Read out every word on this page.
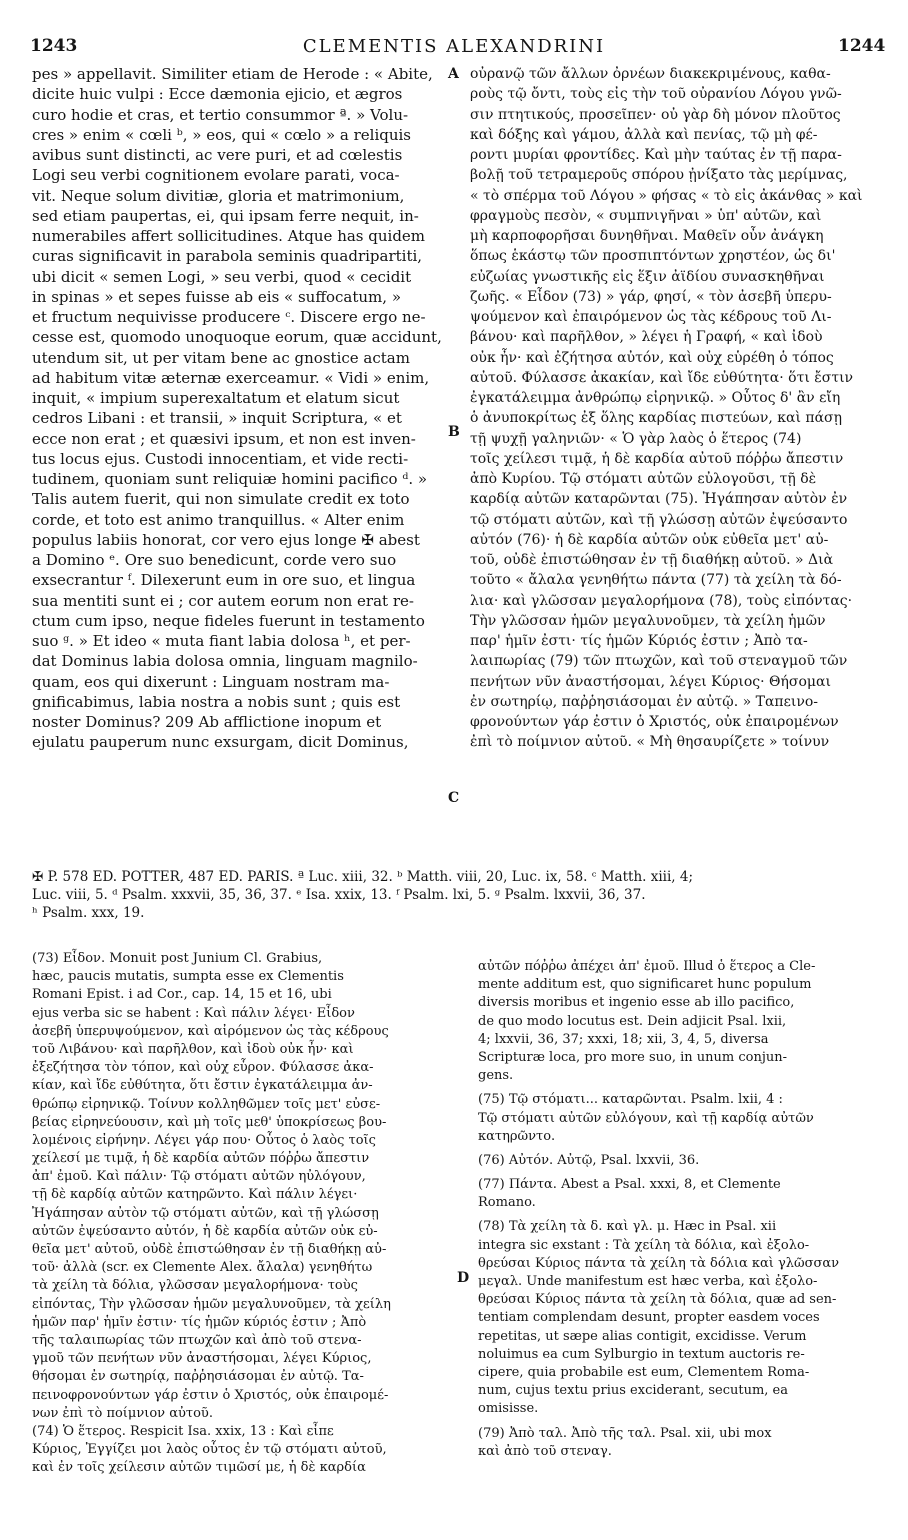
1243	CLEMENTIS ALEXANDRINI	1244
pes » appellavit. Similiter etiam de Herode : « Abite,
dicite huic vulpi : Ecce dæmonia ejicio, et ægros
curo hodie et cras, et tertio consummor ª. » Volu-
cres » enim « cœli ᵇ, » eos, qui « cœlo » a reliquis
avibus sunt distincti, ac vere puri, et ad cœlestis
Logi seu verbi cognitionem evolare parati, voca-
vit. Neque solum divitiæ, gloria et matrimonium,
sed etiam paupertas, ei, qui ipsam ferre nequit, in-
numerabiles affert sollicitudines. Atque has quidem
curas significavit in parabola seminis quadripartiti,
ubi dicit « semen Logi, » seu verbi, quod « cecidit
in spinas » et sepes fuisse ab eis « suffocatum, »
et fructum nequivisse producere ᶜ. Discere ergo ne-
cesse est, quomodo unoquoque eorum, quæ accidunt,
utendum sit, ut per vitam bene ac gnostice actam
ad habitum vitæ æternæ exerceamur. « Vidi » enim,
inquit, « impium superexaltatum et elatum sicut
cedros Libani : et transii, » inquit Scriptura, « et
ecce non erat ; et quæsivi ipsum, et non est inven-
tus locus ejus. Custodi innocentiam, et vide recti-
tudinem, quoniam sunt reliquiæ homini pacifico ᵈ. »
Talis autem fuerit, qui non simulate credit ex toto
corde, et toto est animo tranquillus. « Alter enim
populus labiis honorat, cor vero ejus longe ✠ abest
a Domino ᵉ. Ore suo benedicunt, corde vero suo
exsecrantur ᶠ. Dilexerunt eum in ore suo, et lingua
sua mentiti sunt ei ; cor autem eorum non erat re-
ctum cum ipso, neque fideles fuerunt in testamento
suo ᵍ. » Et ideo « muta fiant labia dolosa ʰ, et per-
dat Dominus labia dolosa omnia, linguam magnilo-
quam, eos qui dixerunt : Linguam nostram ma-
gnificabimus, labia nostra a nobis sunt ; quis est
noster Dominus? 209 Ab afflictione inopum et
ejulatu pauperum nunc exsurgam, dicit Dominus,
οὐρανῷ τῶν ἄλλων ὀρνέων διακεκριμένους, καθα-
ροὺς τῷ ὄντι, τοὺς εἰς τὴν τοῦ οὐρανίου Λόγου γνῶ-
σιν πτητικούς, προσεῖπεν· οὐ γὰρ δὴ μόνον πλοῦτος
καὶ δόξης καὶ γάμου, ἀλλὰ καὶ πενίας, τῷ μὴ φέ-
ροντι μυρίαι φροντίδες. Καὶ μὴν ταύτας ἐν τῇ παρα-
βολῇ τοῦ τετραμεροῦς σπόρου ᾐνίξατο τὰς μερίμνας,
« τὸ σπέρμα τοῦ Λόγου » φήσας « τὸ εἰς ἀκάνθας » καὶ
φραγμοὺς πεσὸν, « συμπνιγῆναι » ὑπ' αὐτῶν, καὶ
μὴ καρποφορῆσαι δυνηθῆναι. Μαθεῖν οὖν ἀνάγκη
ὅπως ἑκάστῳ τῶν προσπιπτόντων χρηστέον, ὡς δι'
εὐζωίας γνωστικῆς εἰς ἕξιν ἀϊδίου συνασκηθῆναι
ζωῆς. « Εἶδον (73) » γάρ, φησί, « τὸν ἀσεβῆ ὑπερυ-
ψούμενον καὶ ἐπαιρόμενον ὡς τὰς κέδρους τοῦ Λι-
βάνου· καὶ παρῆλθον, » λέγει ἡ Γραφή, « καὶ ἰδοὺ
οὐκ ἦν· καὶ ἐζήτησα αὐτόν, καὶ οὐχ εὑρέθη ὁ τόπος
αὐτοῦ. Φύλασσε ἀκακίαν, καὶ ἴδε εὐθύτητα· ὅτι ἔστιν
ἐγκατάλειμμα ἀνθρώπῳ εἰρηνικῷ. » Οὗτος δ' ἂν εἴη
ὁ ἀνυποκρίτως ἐξ ὅλης καρδίας πιστεύων, καὶ πάσῃ
τῇ ψυχῇ γαληνιῶν· « Ὁ γὰρ λαὸς ὁ ἕτερος (74)
τοῖς χείλεσι τιμᾷ, ἡ δὲ καρδία αὐτοῦ πόῤῥω ἄπεστιν
ἀπὸ Κυρίου. Τῷ στόματι αὐτῶν εὐλογοῦσι, τῇ δὲ
καρδίᾳ αὐτῶν καταρῶνται (75). Ἠγάπησαν αὐτὸν ἐν
τῷ στόματι αὐτῶν, καὶ τῇ γλώσσῃ αὐτῶν ἐψεύσαντο
αὐτόν (76)· ἡ δὲ καρδία αὐτῶν οὐκ εὐθεῖα μετ' αὐ-
τοῦ, οὐδὲ ἐπιστώθησαν ἐν τῇ διαθήκῃ αὐτοῦ. » Διὰ
τοῦτο « ἄλαλα γενηθήτω πάντα (77) τὰ χείλη τὰ δό-
λια· καὶ γλῶσσαν μεγαλορήμονα (78), τοὺς εἰπόντας·
Τὴν γλῶσσαν ἡμῶν μεγαλυνοῦμεν, τὰ χείλη ἡμῶν
παρ' ἡμῖν ἐστι· τίς ἡμῶν Κύριός ἐστιν ; Ἀπὸ τα-
λαιπωρίας (79) τῶν πτωχῶν, καὶ τοῦ στεναγμοῦ τῶν
πενήτων νῦν ἀναστήσομαι, λέγει Κύριος· Θήσομαι
ἐν σωτηρίῳ, παῤῥησιάσομαι ἐν αὐτῷ. » Ταπεινο-
φρονούντων γάρ ἐστιν ὁ Χριστός, οὐκ ἐπαιρομένων
ἐπὶ τὸ ποίμνιον αὐτοῦ. « Μὴ θησαυρίζετε » τοίνυν
A
B
C
D
✠ P. 578 ED. POTTER, 487 ED. PARIS. ª Luc. xiii, 32. ᵇ Matth. viii, 20, Luc. ix, 58. ᶜ Matth. xiii, 4;
Luc. viii, 5. ᵈ Psalm. xxxvii, 35, 36, 37. ᵉ Isa. xxix, 13. ᶠ Psalm. lxi, 5. ᵍ Psalm. lxxvii, 36, 37.
ʰ Psalm. xxx, 19.
(73) Εἶδον. Monuit post Junium Cl. Grabius,
hæc, paucis mutatis, sumpta esse ex Clementis
Romani Epist. i ad Cor., cap. 14, 15 et 16, ubi
ejus verba sic se habent : Καὶ πάλιν λέγει· Εἶδον
ἀσεβῆ ὑπερυψούμενον, καὶ αἰρόμενον ὡς τὰς κέδρους
τοῦ Λιβάνου· καὶ παρῆλθον, καὶ ἰδοὺ οὐκ ἦν· καὶ
ἐξεζήτησα τὸν τόπον, καὶ οὐχ εὗρον. Φύλασσε ἀκα-
κίαν, καὶ ἴδε εὐθύτητα, ὅτι ἔστιν ἐγκατάλειμμα ἀν-
θρώπῳ εἰρηνικῷ. Τοίνυν κολληθῶμεν τοῖς μετ' εὐσε-
βείας εἰρηνεύουσιν, καὶ μὴ τοῖς μεθ' ὑποκρίσεως βου-
λομένοις εἰρήνην. Λέγει γάρ που· Οὗτος ὁ λαὸς τοῖς
χείλεσί με τιμᾷ, ἡ δὲ καρδία αὐτῶν πόῤῥω ἄπεστιν
ἀπ' ἐμοῦ. Καὶ πάλιν· Τῷ στόματι αὐτῶν ηὐλόγουν,
τῇ δὲ καρδίᾳ αὐτῶν κατηρῶντο. Καὶ πάλιν λέγει·
Ἠγάπησαν αὐτὸν τῷ στόματι αὐτῶν, καὶ τῇ γλώσσῃ
αὐτῶν ἐψεύσαντο αὐτόν, ἡ δὲ καρδία αὐτῶν οὐκ εὐ-
θεῖα μετ' αὐτοῦ, οὐδὲ ἐπιστώθησαν ἐν τῇ διαθήκῃ αὐ-
τοῦ· ἀλλὰ (scr. ex Clemente Alex. ἄλαλα) γενηθήτω
τὰ χείλη τὰ δόλια, γλῶσσαν μεγαλορήμονα· τοὺς
εἰπόντας, Τὴν γλῶσσαν ἡμῶν μεγαλυνοῦμεν, τὰ χείλη
ἡμῶν παρ' ἡμῖν ἐστιν· τίς ἡμῶν κύριός ἐστιν ; Ἀπὸ
τῆς ταλαιπωρίας τῶν πτωχῶν καὶ ἀπὸ τοῦ στενα-
γμοῦ τῶν πενήτων νῦν ἀναστήσομαι, λέγει Κύριος,
θήσομαι ἐν σωτηρίᾳ, παῤῥησιάσομαι ἐν αὐτῷ. Τα-
πεινοφρονούντων γάρ ἐστιν ὁ Χριστός, οὐκ ἐπαιρομέ-
νων ἐπὶ τὸ ποίμνιον αὐτοῦ.
(74) Ὁ ἕτερος. Respicit Isa. xxix, 13 : Καὶ εἶπε
Κύριος, Ἐγγίζει μοι λαὸς οὗτος ἐν τῷ στόματι αὐτοῦ,
καὶ ἐν τοῖς χείλεσιν αὐτῶν τιμῶσί με, ἡ δὲ καρδία
αὐτῶν πόῤῥω ἀπέχει ἀπ' ἐμοῦ. Illud ὁ ἕτερος a Cle-
mente additum est, quo significaret hunc populum
diversis moribus et ingenio esse ab illo pacifico,
de quo modo locutus est. Dein adjicit Psal. lxii,
4; lxxvii, 36, 37; xxxi, 18; xii, 3, 4, 5, diversa
Scripturæ loca, pro more suo, in unum conjun-
gens.
(75) Τῷ στόματι... καταρῶνται. Psalm. lxii, 4 :
Τῷ στόματι αὐτῶν εὐλόγουν, καὶ τῇ καρδίᾳ αὐτῶν
κατηρῶντο.
(76) Αὐτόν. Αὐτῷ, Psal. lxxvii, 36.
(77) Πάντα. Abest a Psal. xxxi, 8, et Clemente
Romano.
(78) Τὰ χείλη τὰ δ. καὶ γλ. μ. Hæc in Psal. xii
integra sic exstant : Τὰ χείλη τὰ δόλια, καὶ ἐξολο-
θρεύσαι Κύριος πάντα τὰ χείλη τὰ δόλια καὶ γλῶσσαν
μεγαλ. Unde manifestum est hæc verba, καὶ ἐξολο-
θρεύσαι Κύριος πάντα τὰ χείλη τὰ δόλια, quæ ad sen-
tentiam complendam desunt, propter easdem voces
repetitas, ut sæpe alias contigit, excidisse. Verum
noluimus ea cum Sylburgio in textum auctoris re-
cipere, quia probabile est eum, Clementem Roma-
num, cujus textu prius exciderant, secutum, ea
omisisse.
(79) Ἀπὸ ταλ. Ἀπὸ τῆς ταλ. Psal. xii, ubi mox
καὶ ἀπὸ τοῦ στεναγ.
